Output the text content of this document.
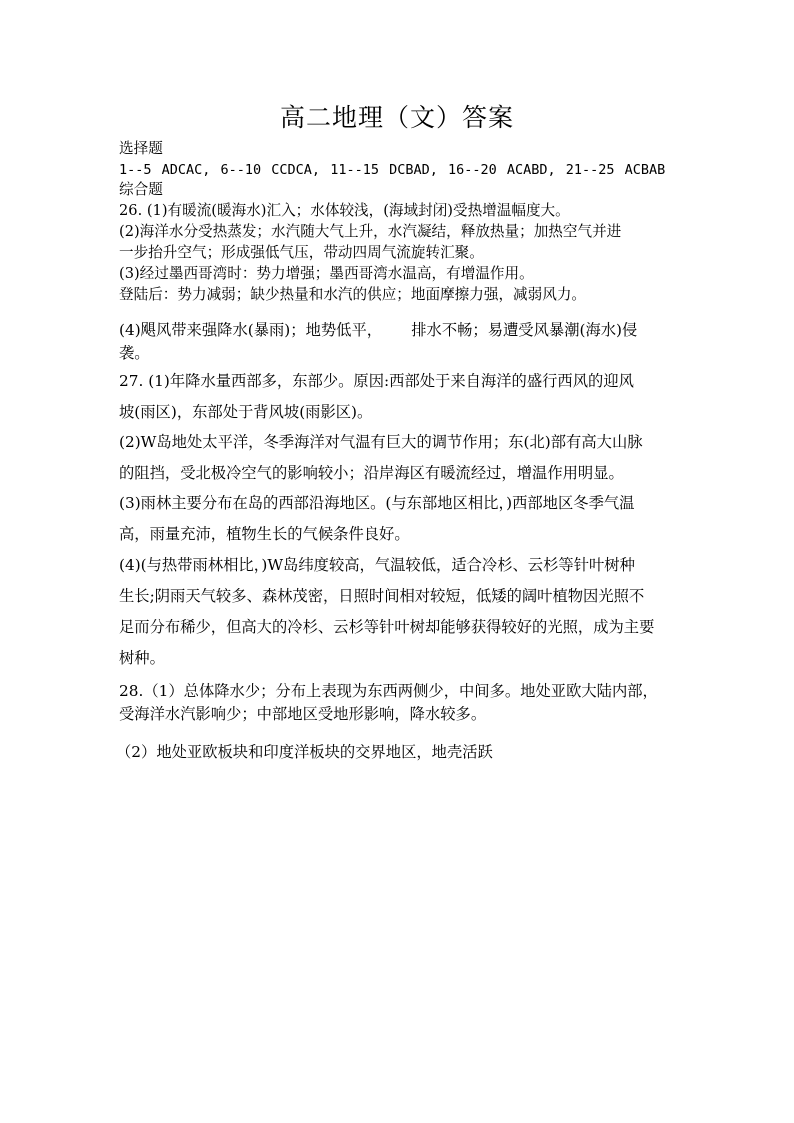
高二地理（文）答案
选择题
1--5 ADCAC, 6--10 CCDCA, 11--15 DCBAD, 16--20 ACABD, 21--25 ACBAB
综合题
26. (1)有暖流(暖海水)汇入；水体较浅，(海域封闭)受热增温幅度大。
(2)海洋水分受热蒸发；水汽随大气上升，水汽凝结，释放热量；加热空气并进
一步抬升空气；形成强低气压，带动四周气流旋转汇聚。
(3)经过墨西哥湾时：势力增强；墨西哥湾水温高，有增温作用。
登陆后：势力减弱；缺少热量和水汽的供应；地面摩擦力强，减弱风力。
(4)飓风带来强降水(暴雨)；地势低平，      排水不畅；易遭受风暴潮(海水)侵
袭。
27. (1)年降水量西部多，东部少。原因:西部处于来自海洋的盛行西风的迎风
坡(雨区)，东部处于背风坡(雨影区)。
(2)W岛地处太平洋，冬季海洋对气温有巨大的调节作用；东(北)部有高大山脉
的阻挡，受北极冷空气的影响较小；沿岸海区有暖流经过，增温作用明显。
(3)雨林主要分布在岛的西部沿海地区。(与东部地区相比，)西部地区冬季气温
高，雨量充沛，植物生长的气候条件良好。
(4)(与热带雨林相比，)W岛纬度较高，气温较低，适合冷杉、云杉等针叶树种
生长;阴雨天气较多、森林茂密，日照时间相对较短，低矮的阔叶植物因光照不
足而分布稀少，但高大的冷杉、云杉等针叶树却能够获得较好的光照，成为主要
树种。
28.（1）总体降水少；分布上表现为东西两侧少，中间多。地处亚欧大陆内部，
受海洋水汽影响少；中部地区受地形影响，降水较多。
（2）地处亚欧板块和印度洋板块的交界地区，地壳活跃
